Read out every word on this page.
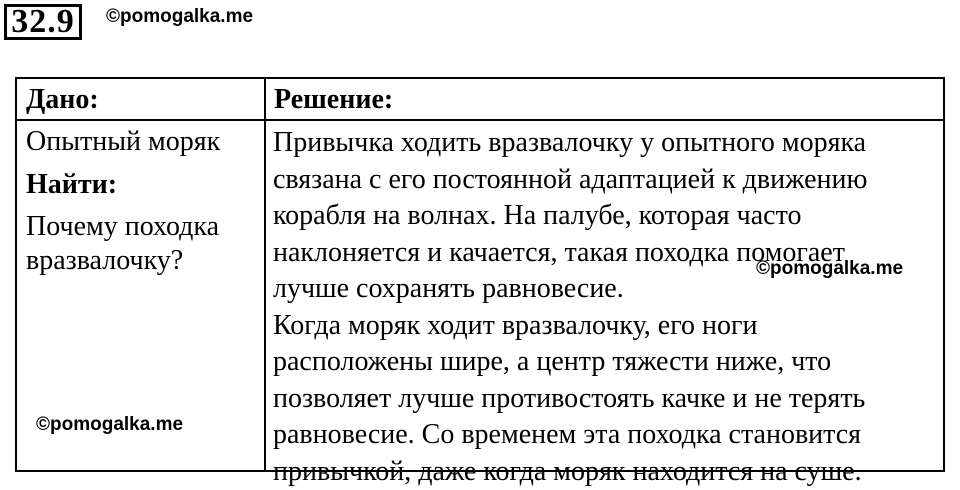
32.9	©pomogalka.me
Дано:	Решение:
Опытный моряк
Найти:
Почему походка
вразвалочку?
Привычка ходить вразвалочку у опытного моряка
связана с его постоянной адаптацией к движению
корабля на волнах. На палубе, которая часто
наклоняется и качается, такая походка помогает
лучше сохранять равновесие.
Когда моряк ходит вразвалочку, его ноги
расположены шире, а центр тяжести ниже, что
позволяет лучше противостоять качке и не терять
равновесие. Со временем эта походка становится
привычкой, даже когда моряк находится на суше.
©pomogalka.me
©pomogalka.me
